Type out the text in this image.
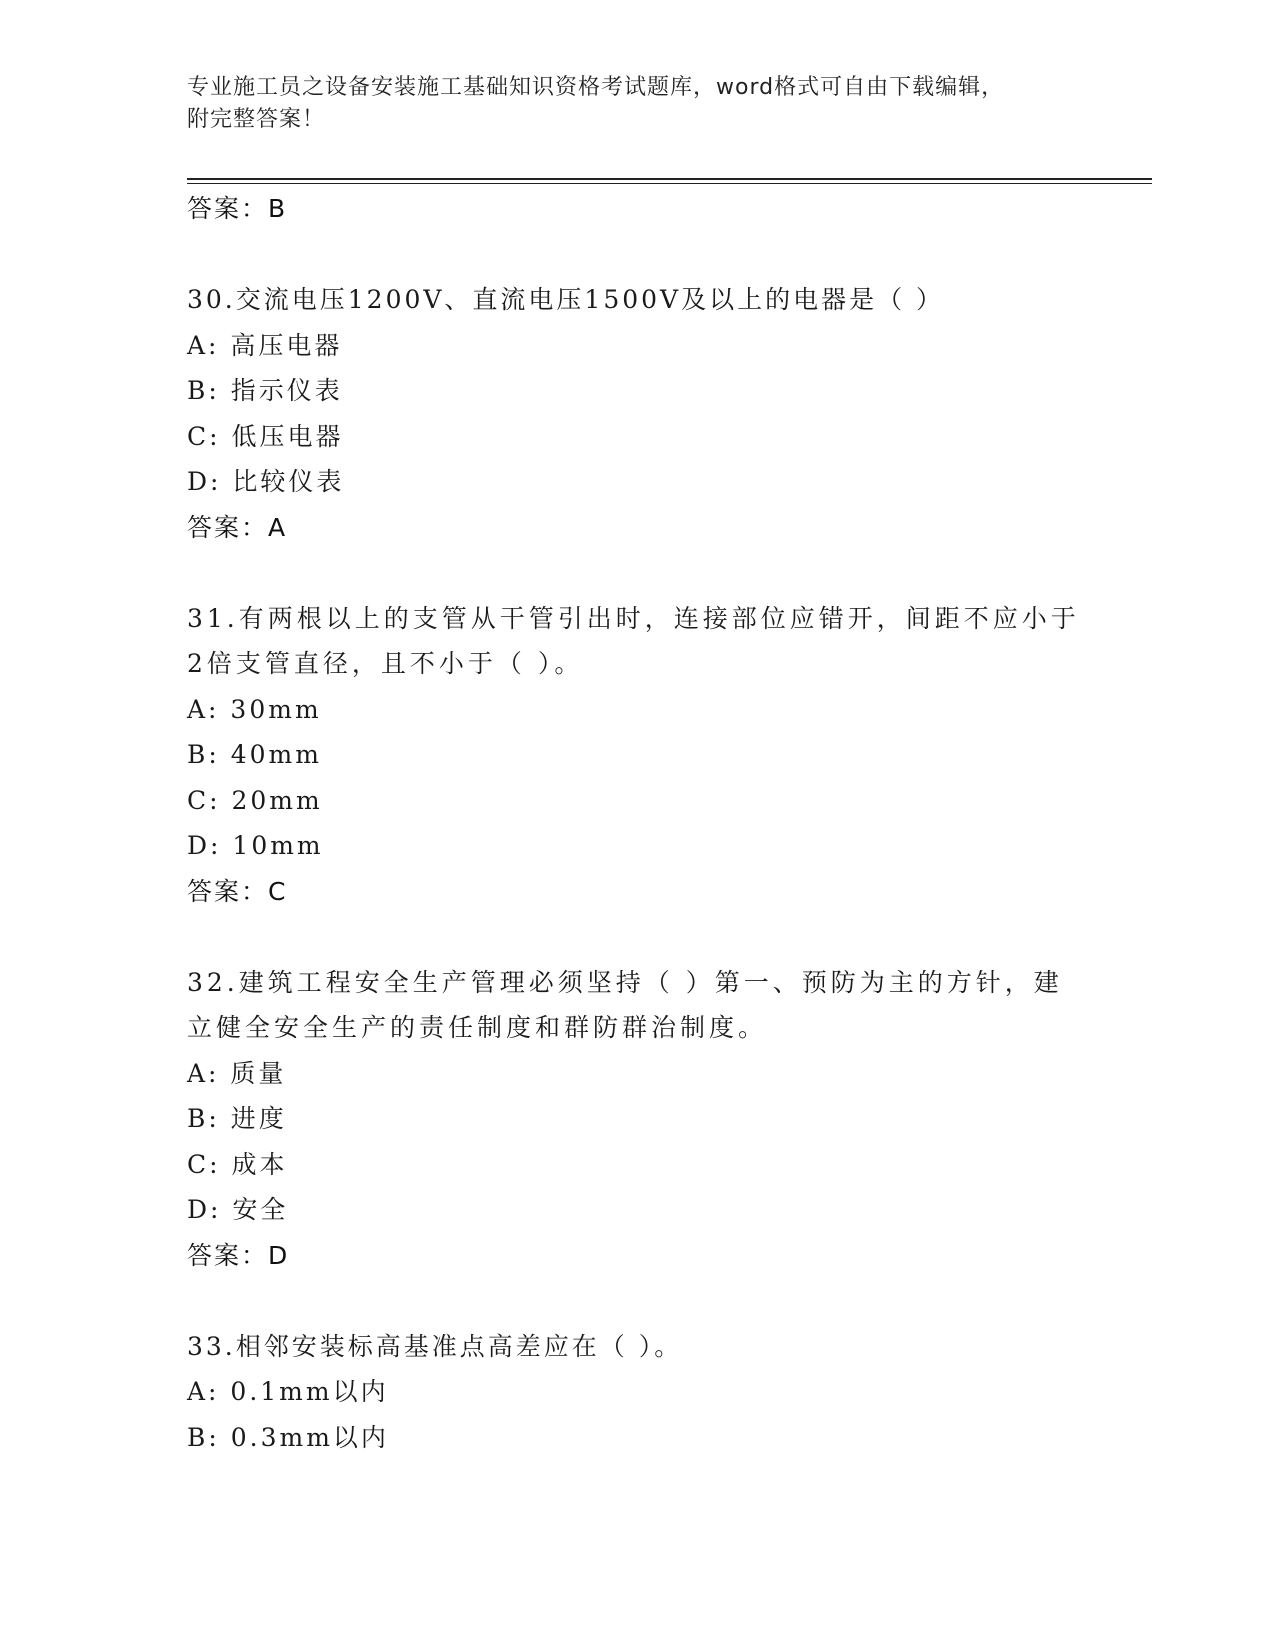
专业施工员之设备安装施工基础知识资格考试题库，word格式可自由下载编辑，
附完整答案！
答案：B
30.交流电压1200V、直流电压1500V及以上的电器是（ ）
A: 高压电器
B: 指示仪表
C: 低压电器
D: 比较仪表
答案：A
31.有两根以上的支管从干管引出时，连接部位应错开，间距不应小于
2倍支管直径，且不小于（ ）。
A: 30mm
B: 40mm
C: 20mm
D: 10mm
答案：C
32.建筑工程安全生产管理必须坚持（ ）第一、预防为主的方针，建
立健全安全生产的责任制度和群防群治制度。
A: 质量
B: 进度
C: 成本
D: 安全
答案：D
33.相邻安装标高基准点高差应在（ ）。
A: 0.1mm以内
B: 0.3mm以内
